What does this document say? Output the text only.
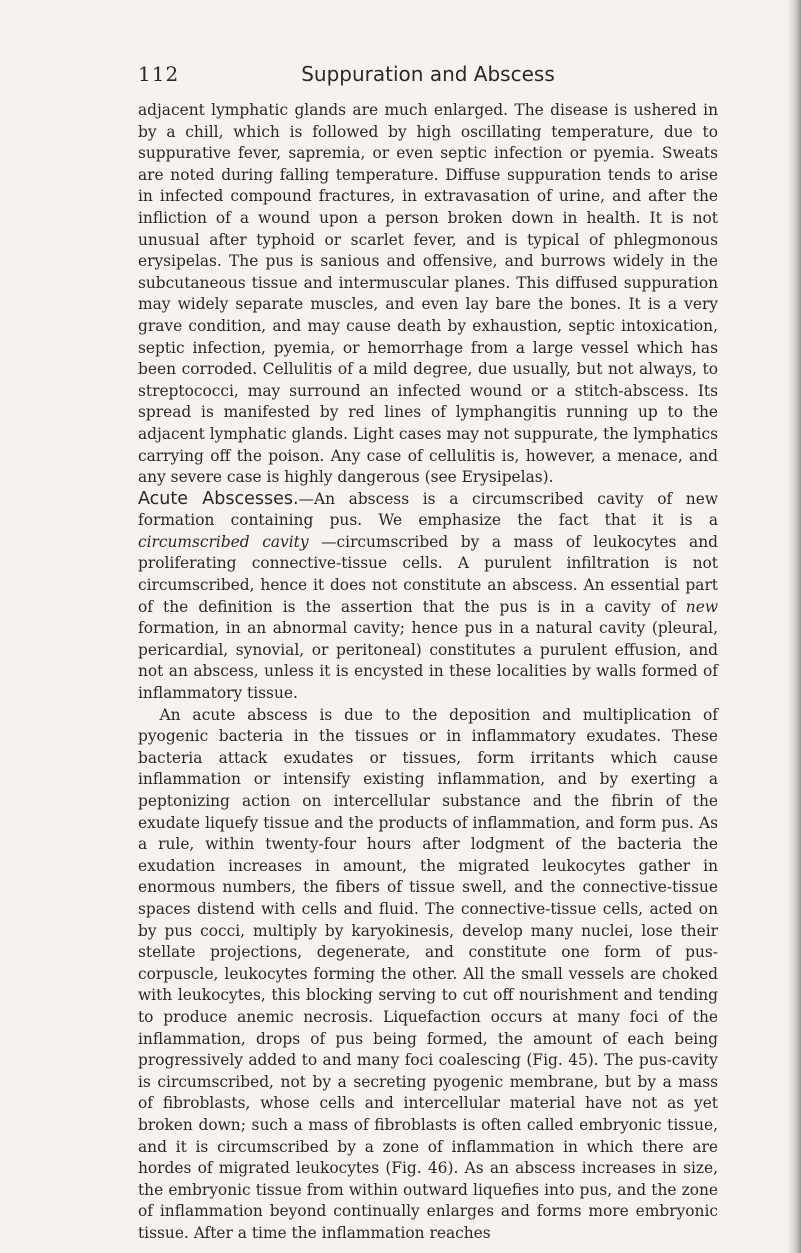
112	Suppuration and Abscess

adjacent lymphatic glands are much enlarged. The disease is ushered in by a chill, which is followed by high oscillating temperature, due to suppurative fever, sapremia, or even septic infection or pyemia. Sweats are noted during falling temperature. Diffuse suppuration tends to arise in infected compound fractures, in extravasation of urine, and after the infliction of a wound upon a person broken down in health. It is not unusual after typhoid or scarlet fever, and is typical of phlegmonous erysipelas. The pus is sanious and offensive, and burrows widely in the subcutaneous tissue and intermuscular planes. This diffused suppuration may widely separate muscles, and even lay bare the bones. It is a very grave condition, and may cause death by exhaustion, septic intoxication, septic infection, pyemia, or hemorrhage from a large vessel which has been corroded. Cellulitis of a mild degree, due usually, but not always, to streptococci, may surround an infected wound or a stitch-abscess. Its spread is manifested by red lines of lymphangitis running up to the adjacent lymphatic glands. Light cases may not suppurate, the lymphatics carrying off the poison. Any case of cellulitis is, however, a menace, and any severe case is highly dangerous (see Erysipelas).

Acute Abscesses.—An abscess is a circumscribed cavity of new formation containing pus. We emphasize the fact that it is a circumscribed cavity —circumscribed by a mass of leukocytes and proliferating connective-tissue cells. A purulent infiltration is not circumscribed, hence it does not constitute an abscess. An essential part of the definition is the assertion that the pus is in a cavity of new formation, in an abnormal cavity; hence pus in a natural cavity (pleural, pericardial, synovial, or peritoneal) constitutes a purulent effusion, and not an abscess, unless it is encysted in these localities by walls formed of inflammatory tissue.

An acute abscess is due to the deposition and multiplication of pyogenic bacteria in the tissues or in inflammatory exudates. These bacteria attack exudates or tissues, form irritants which cause inflammation or intensify existing inflammation, and by exerting a peptonizing action on intercellular substance and the fibrin of the exudate liquefy tissue and the products of inflammation, and form pus. As a rule, within twenty-four hours after lodgment of the bacteria the exudation increases in amount, the migrated leukocytes gather in enormous numbers, the fibers of tissue swell, and the connective-tissue spaces distend with cells and fluid. The connective-tissue cells, acted on by pus cocci, multiply by karyokinesis, develop many nuclei, lose their stellate projections, degenerate, and constitute one form of pus-corpuscle, leukocytes forming the other. All the small vessels are choked with leukocytes, this blocking serving to cut off nourishment and tending to produce anemic necrosis. Liquefaction occurs at many foci of the inflammation, drops of pus being formed, the amount of each being progressively added to and many foci coalescing (Fig. 45). The pus-cavity is circumscribed, not by a secreting pyogenic membrane, but by a mass of fibroblasts, whose cells and intercellular material have not as yet broken down; such a mass of fibroblasts is often called embryonic tissue, and it is circumscribed by a zone of inflammation in which there are hordes of migrated leukocytes (Fig. 46). As an abscess increases in size, the embryonic tissue from within outward liquefies into pus, and the zone of inflammation beyond continually enlarges and forms more embryonic tissue. After a time the inflammation reaches
